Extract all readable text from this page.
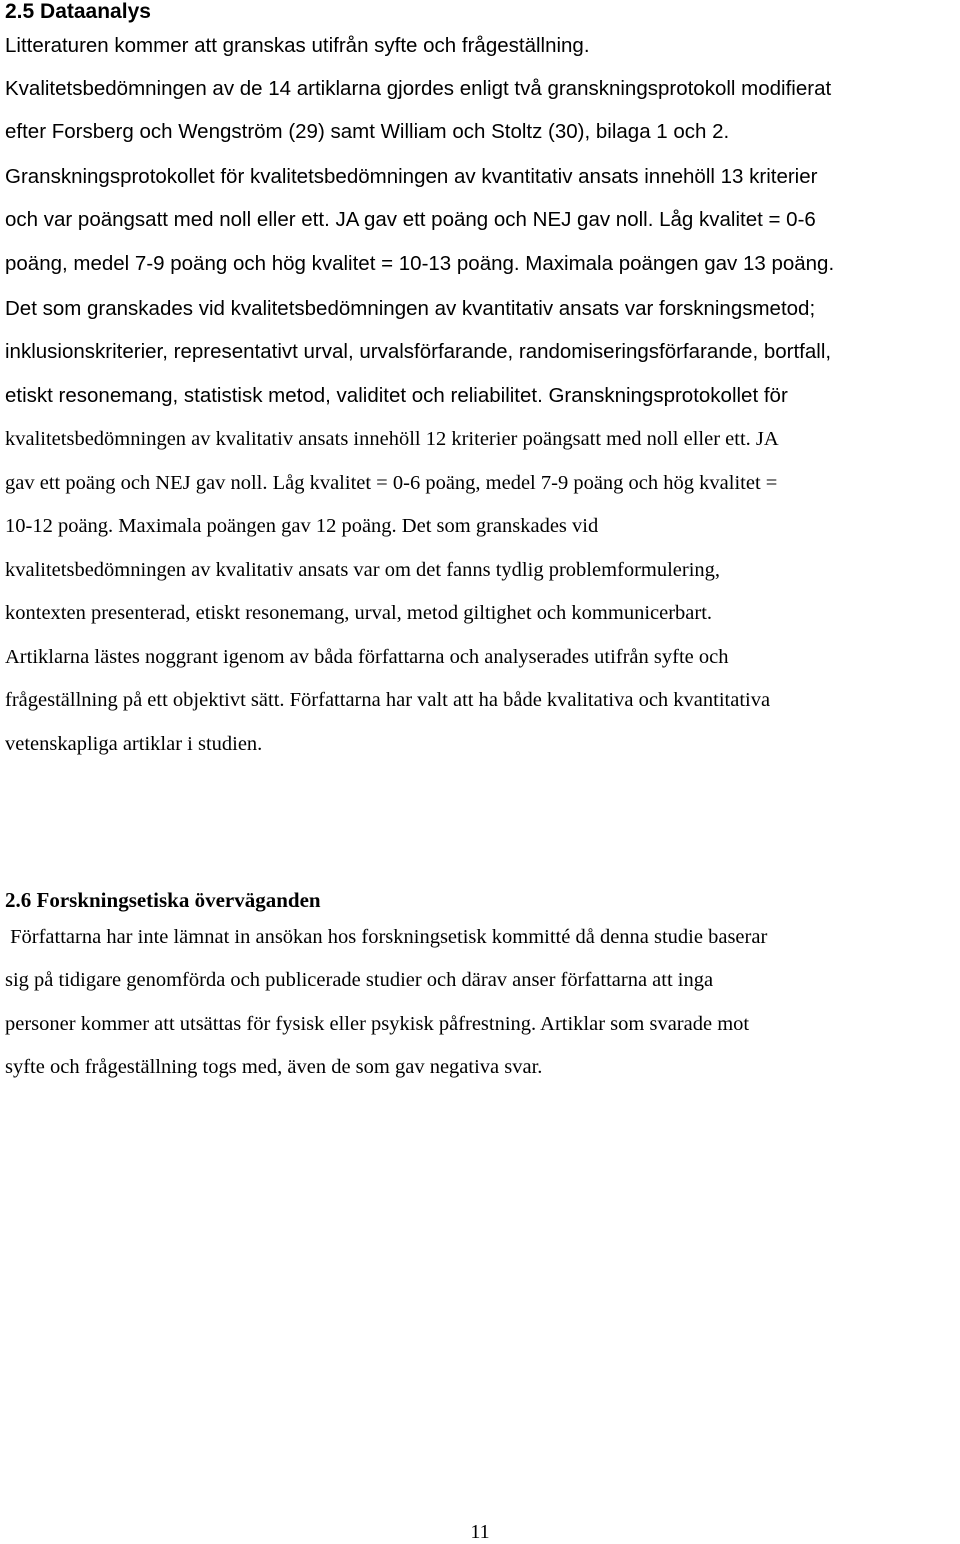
2.5 Dataanalys
Litteraturen kommer att granskas utifrån syfte och frågeställning.
Kvalitetsbedömningen av de 14 artiklarna gjordes enligt två granskningsprotokoll modifierat
efter Forsberg och Wengström (29) samt William och Stoltz (30), bilaga 1 och 2.
Granskningsprotokollet för kvalitetsbedömningen av kvantitativ ansats innehöll 13 kriterier
och var poängsatt med noll eller ett. JA gav ett poäng och NEJ gav noll. Låg kvalitet = 0-6
poäng, medel 7-9 poäng och hög kvalitet = 10-13 poäng. Maximala poängen gav 13 poäng.
Det som granskades vid kvalitetsbedömningen av kvantitativ ansats var forskningsmetod;
inklusionskriterier, representativt urval, urvalsförfarande, randomiseringsförfarande, bortfall,
etiskt resonemang, statistisk metod, validitet och reliabilitet. Granskningsprotokollet för
kvalitetsbedömningen av kvalitativ ansats innehöll 12 kriterier poängsatt med noll eller ett. JA
gav ett poäng och NEJ gav noll. Låg kvalitet = 0-6 poäng, medel 7-9 poäng och hög kvalitet =
10-12 poäng. Maximala poängen gav 12 poäng. Det som granskades vid
kvalitetsbedömningen av kvalitativ ansats var om det fanns tydlig problemformulering,
kontexten presenterad, etiskt resonemang, urval, metod giltighet och kommunicerbart.
Artiklarna lästes noggrant igenom av båda författarna och analyserades utifrån syfte och
frågeställning på ett objektivt sätt. Författarna har valt att ha både kvalitativa och kvantitativa
vetenskapliga artiklar i studien.
2.6 Forskningsetiska överväganden
Författarna har inte lämnat in ansökan hos forskningsetisk kommitté då denna studie baserar
sig på tidigare genomförda och publicerade studier och därav anser författarna att inga
personer kommer att utsättas för fysisk eller psykisk påfrestning. Artiklar som svarade mot
syfte och frågeställning togs med, även de som gav negativa svar.
11
